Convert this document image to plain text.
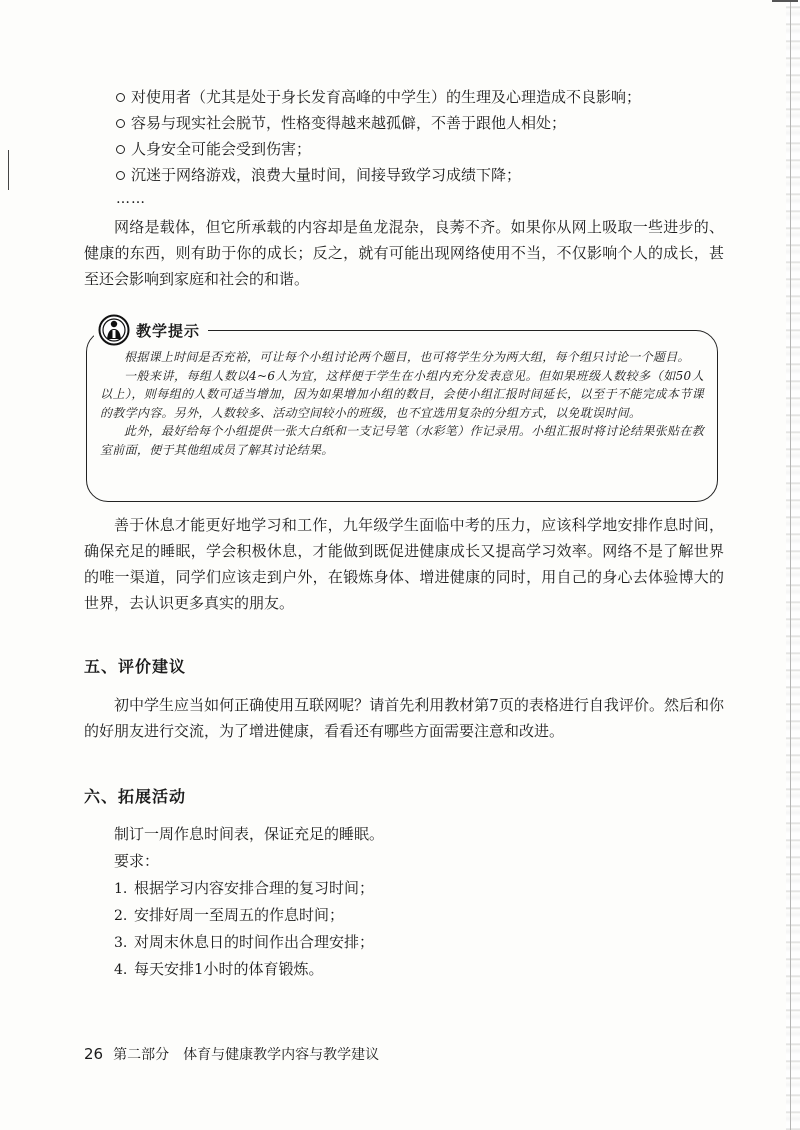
对使用者（尤其是处于身长发育高峰的中学生）的生理及心理造成不良影响；
容易与现实社会脱节，性格变得越来越孤僻，不善于跟他人相处；
人身安全可能会受到伤害；
沉迷于网络游戏，浪费大量时间，间接导致学习成绩下降；
……

网络是载体，但它所承载的内容却是鱼龙混杂，良莠不齐。如果你从网上吸取一些进步的、健康的东西，则有助于你的成长；反之，就有可能出现网络使用不当，不仅影响个人的成长，甚至还会影响到家庭和社会的和谐。

教学提示

根据课上时间是否充裕，可让每个小组讨论两个题目，也可将学生分为两大组，每个组只讨论一个题目。

一般来讲，每组人数以4~6人为宜，这样便于学生在小组内充分发表意见。但如果班级人数较多（如50人以上），则每组的人数可适当增加，因为如果增加小组的数目，会使小组汇报时间延长，以至于不能完成本节课的教学内容。另外，人数较多、活动空间较小的班级，也不宜选用复杂的分组方式，以免耽误时间。

此外，最好给每个小组提供一张大白纸和一支记号笔（水彩笔）作记录用。小组汇报时将讨论结果张贴在教室前面，便于其他组成员了解其讨论结果。

善于休息才能更好地学习和工作，九年级学生面临中考的压力，应该科学地安排作息时间，确保充足的睡眠，学会积极休息，才能做到既促进健康成长又提高学习效率。网络不是了解世界的唯一渠道，同学们应该走到户外，在锻炼身体、增进健康的同时，用自己的身心去体验博大的世界，去认识更多真实的朋友。

五、评价建议

初中学生应当如何正确使用互联网呢？请首先利用教材第7页的表格进行自我评价。然后和你的好朋友进行交流，为了增进健康，看看还有哪些方面需要注意和改进。

六、拓展活动
制订一周作息时间表，保证充足的睡眠。
要求：
1. 根据学习内容安排合理的复习时间；
2. 安排好周一至周五的作息时间；
3. 对周末休息日的时间作出合理安排；
4. 每天安排1小时的体育锻炼。
26 第二部分　体育与健康教学内容与教学建议
